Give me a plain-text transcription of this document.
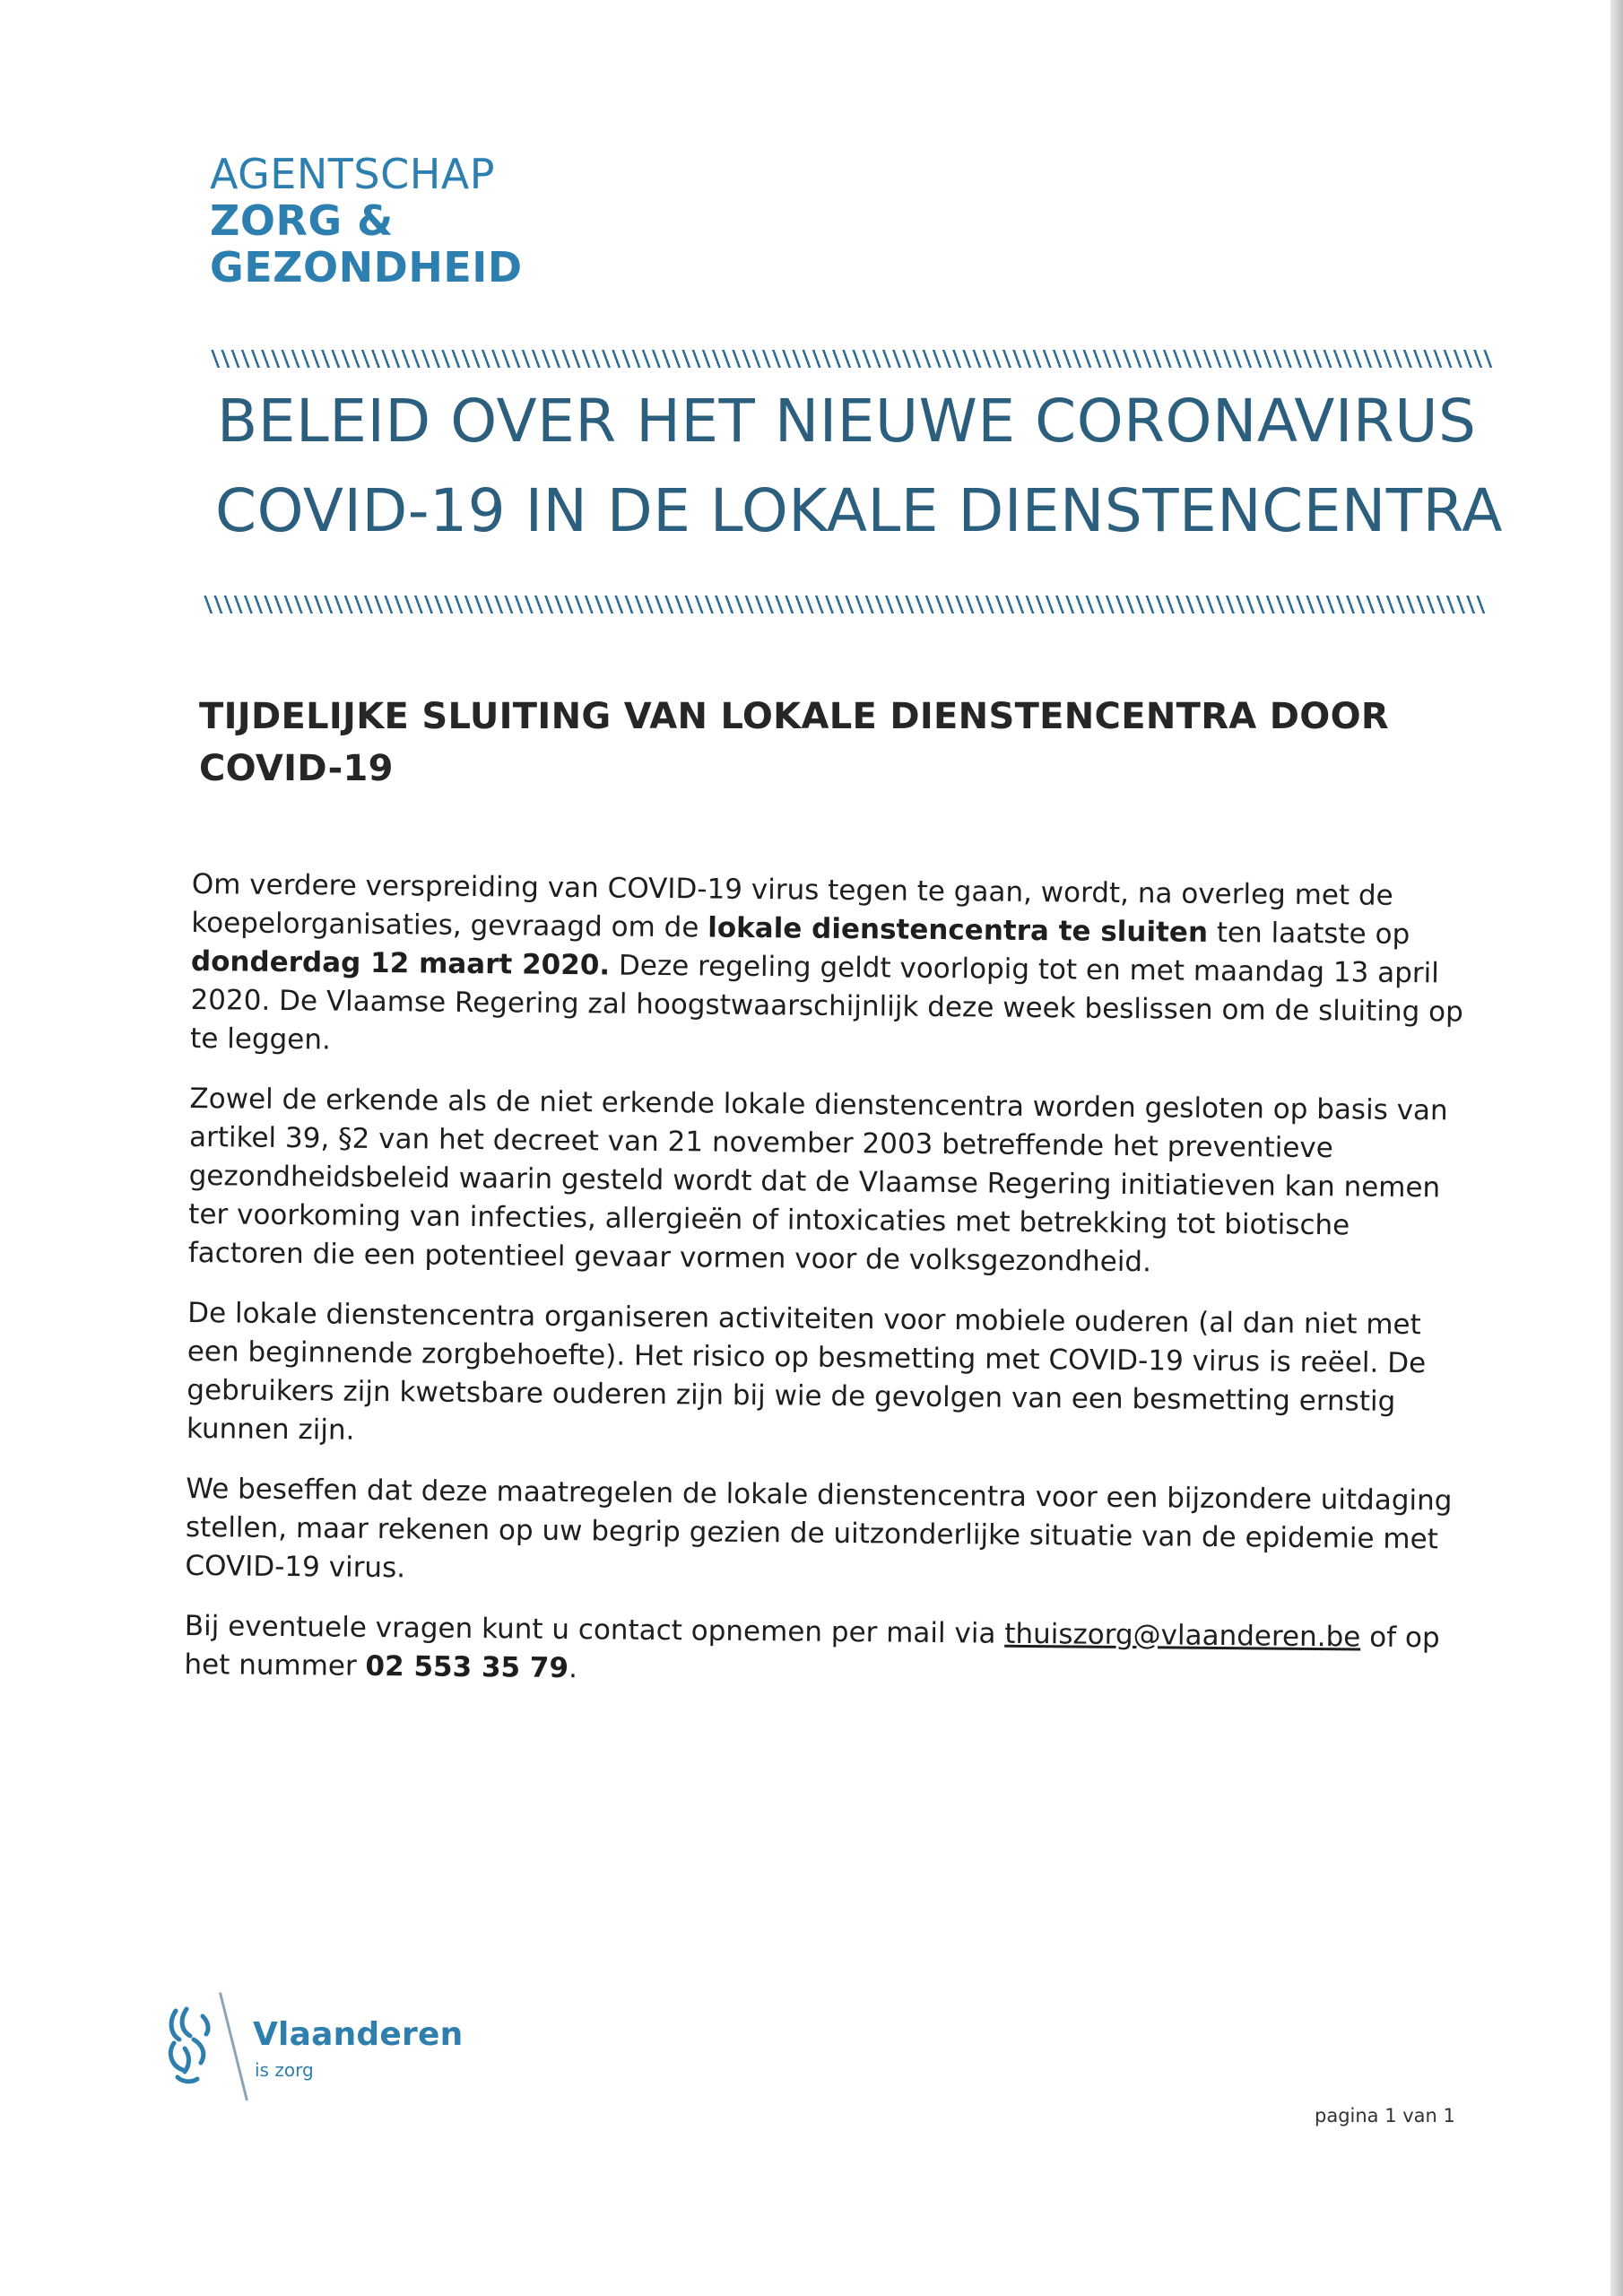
AGENTSCHAP
ZORG &
GEZONDHEID
BELEID OVER HET NIEUWE CORONAVIRUS
COVID-19 IN DE LOKALE DIENSTENCENTRA
TIJDELIJKE SLUITING VAN LOKALE DIENSTENCENTRA DOOR
COVID-19

Om verdere verspreiding van COVID-19 virus tegen te gaan, wordt, na overleg met de koepelorganisaties, gevraagd om de lokale dienstencentra te sluiten ten laatste op donderdag 12 maart 2020. Deze regeling geldt voorlopig tot en met maandag 13 april 2020. De Vlaamse Regering zal hoogstwaarschijnlijk deze week beslissen om de sluiting op te leggen.

Zowel de erkende als de niet erkende lokale dienstencentra worden gesloten op basis van artikel 39, §2 van het decreet van 21 november 2003 betreffende het preventieve gezondheidsbeleid waarin gesteld wordt dat de Vlaamse Regering initiatieven kan nemen ter voorkoming van infecties, allergieën of intoxicaties met betrekking tot biotische factoren die een potentieel gevaar vormen voor de volksgezondheid.

De lokale dienstencentra organiseren activiteiten voor mobiele ouderen (al dan niet met een beginnende zorgbehoefte). Het risico op besmetting met COVID-19 virus is reëel. De gebruikers zijn kwetsbare ouderen zijn bij wie de gevolgen van een besmetting ernstig kunnen zijn.

We beseffen dat deze maatregelen de lokale dienstencentra voor een bijzondere uitdaging stellen, maar rekenen op uw begrip gezien de uitzonderlijke situatie van de epidemie met COVID-19 virus.

Bij eventuele vragen kunt u contact opnemen per mail via thuiszorg@vlaanderen.be of op het nummer 02 553 35 79.

Vlaanderen
is zorg
pagina 1 van 1
